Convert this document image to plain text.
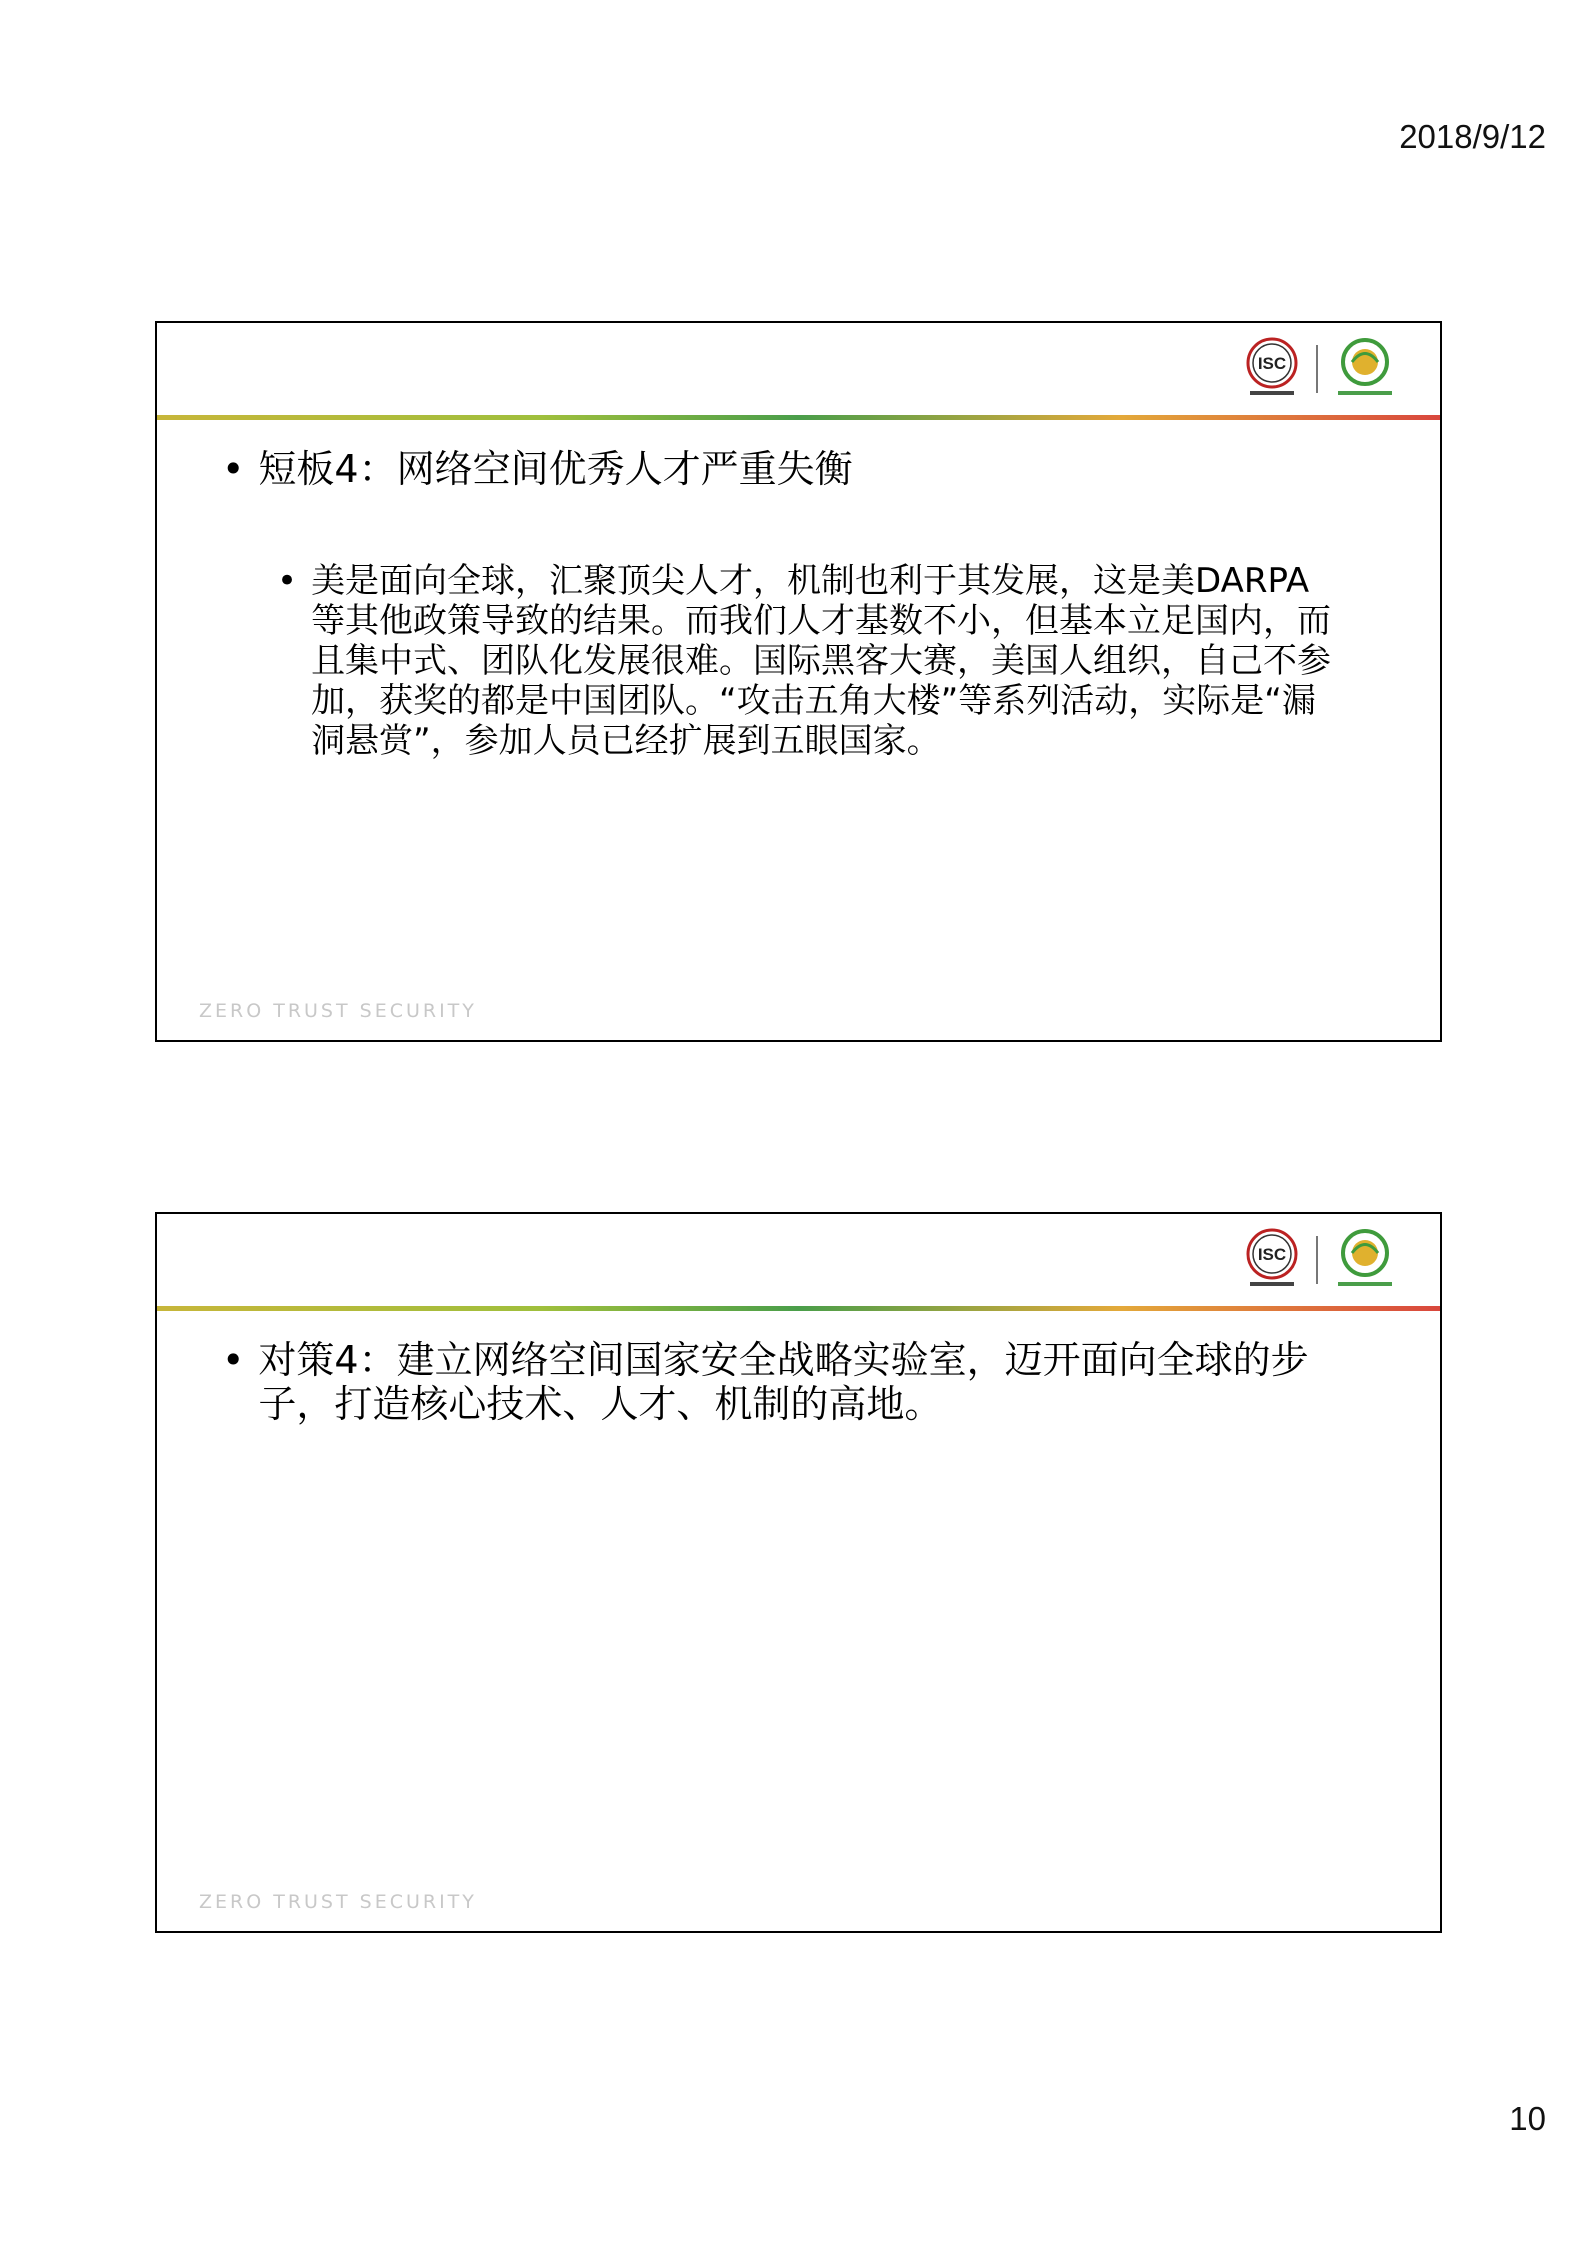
2018/9/12
ISC
• 短板4：网络空间优秀人才严重失衡
• 美是面向全球，汇聚顶尖人才，机制也利于其发展，这是美DARPA等其他政策导致的结果。而我们人才基数不小，但基本立足国内，而且集中式、团队化发展很难。国际黑客大赛，美国人组织，自己不参加，获奖的都是中国团队。“攻击五角大楼”等系列活动，实际是“漏洞悬赏”，参加人员已经扩展到五眼国家。
ZERO TRUST SECURITY
ISC
• 对策4：建立网络空间国家安全战略实验室，迈开面向全球的步子，打造核心技术、人才、机制的高地。
ZERO TRUST SECURITY
10
